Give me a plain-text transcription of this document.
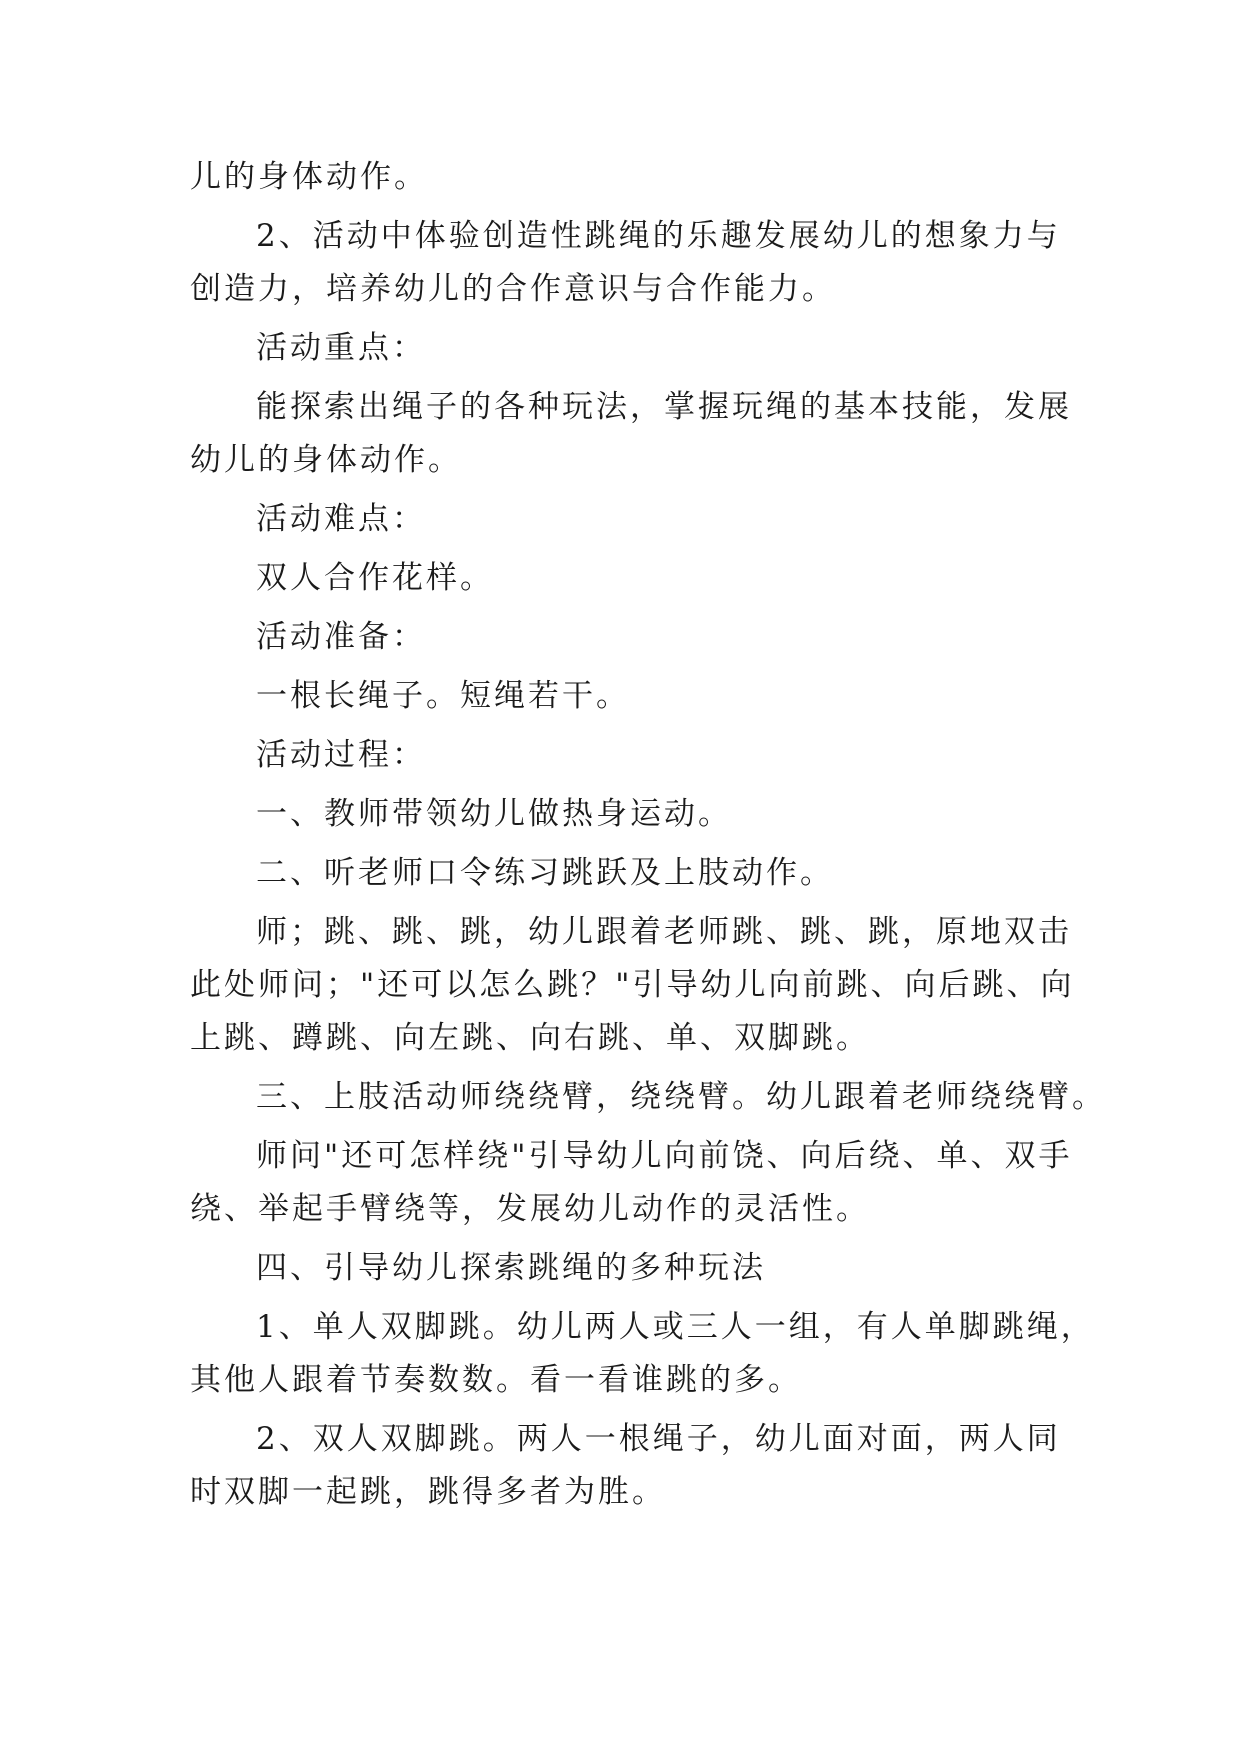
儿的身体动作。
2、活动中体验创造性跳绳的乐趣发展幼儿的想象力与
创造力，培养幼儿的合作意识与合作能力。
活动重点：
能探索出绳子的各种玩法，掌握玩绳的基本技能，发展
幼儿的身体动作。
活动难点：
双人合作花样。
活动准备：
一根长绳子。短绳若干。
活动过程：
一、教师带领幼儿做热身运动。
二、听老师口令练习跳跃及上肢动作。
师；跳、跳、跳，幼儿跟着老师跳、跳、跳，原地双击
此处师问；"还可以怎么跳？"引导幼儿向前跳、向后跳、向
上跳、蹲跳、向左跳、向右跳、单、双脚跳。
三、上肢活动师绕绕臂，绕绕臂。幼儿跟着老师绕绕臂。
师问"还可怎样绕"引导幼儿向前饶、向后绕、单、双手
绕、举起手臂绕等，发展幼儿动作的灵活性。
四、引导幼儿探索跳绳的多种玩法
1、单人双脚跳。幼儿两人或三人一组，有人单脚跳绳，
其他人跟着节奏数数。看一看谁跳的多。
2、双人双脚跳。两人一根绳子，幼儿面对面，两人同
时双脚一起跳，跳得多者为胜。
